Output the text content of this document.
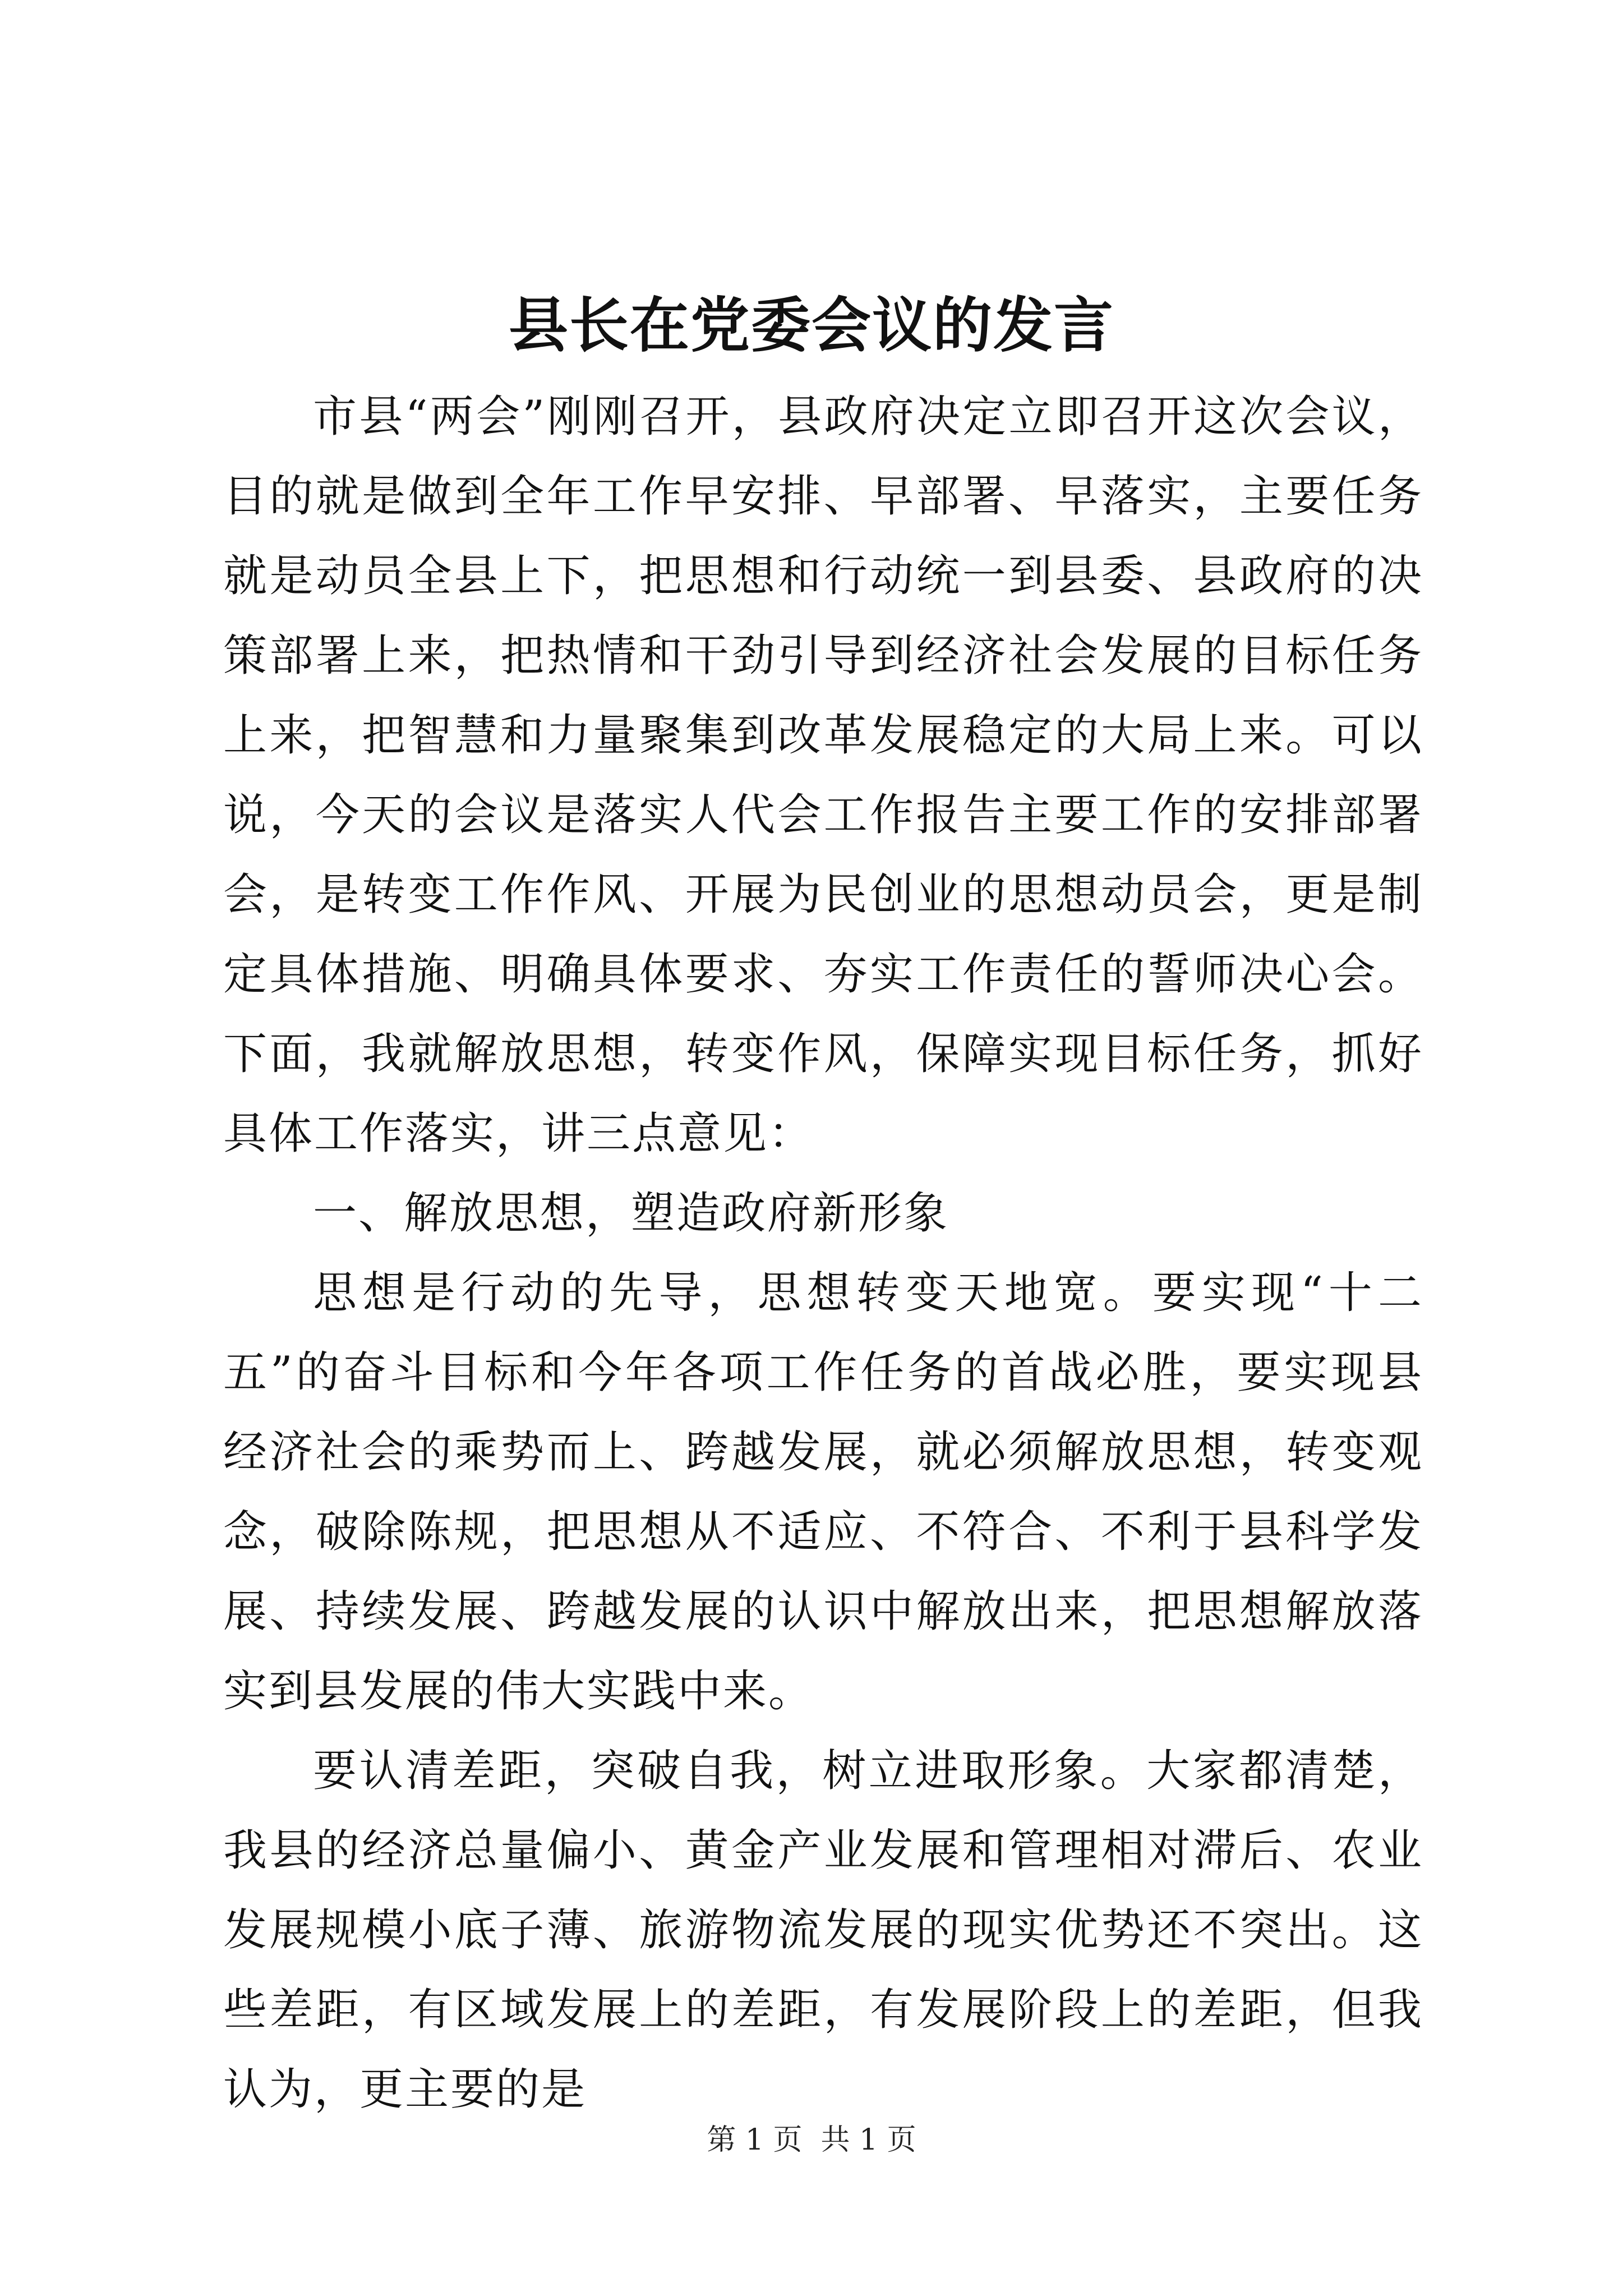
县长在党委会议的发言

市县“两会”刚刚召开，县政府决定立即召开这次会议，目的就是做到全年工作早安排、早部署、早落实，主要任务就是动员全县上下，把思想和行动统一到县委、县政府的决策部署上来，把热情和干劲引导到经济社会发展的目标任务上来，把智慧和力量聚集到改革发展稳定的大局上来。可以说，今天的会议是落实人代会工作报告主要工作的安排部署会，是转变工作作风、开展为民创业的思想动员会，更是制定具体措施、明确具体要求、夯实工作责任的誓师决心会。下面，我就解放思想，转变作风，保障实现目标任务，抓好具体工作落实，讲三点意见：

一、解放思想，塑造政府新形象

思想是行动的先导，思想转变天地宽。要实现“十二五”的奋斗目标和今年各项工作任务的首战必胜，要实现县经济社会的乘势而上、跨越发展，就必须解放思想，转变观念，破除陈规，把思想从不适应、不符合、不利于县科学发展、持续发展、跨越发展的认识中解放出来，把思想解放落实到县发展的伟大实践中来。

要认清差距，突破自我，树立进取形象。大家都清楚，我县的经济总量偏小、黄金产业发展和管理相对滞后、农业发展规模小底子薄、旅游物流发展的现实优势还不突出。这些差距，有区域发展上的差距，有发展阶段上的差距，但我认为，更主要的是

第 1 页  共 1 页
